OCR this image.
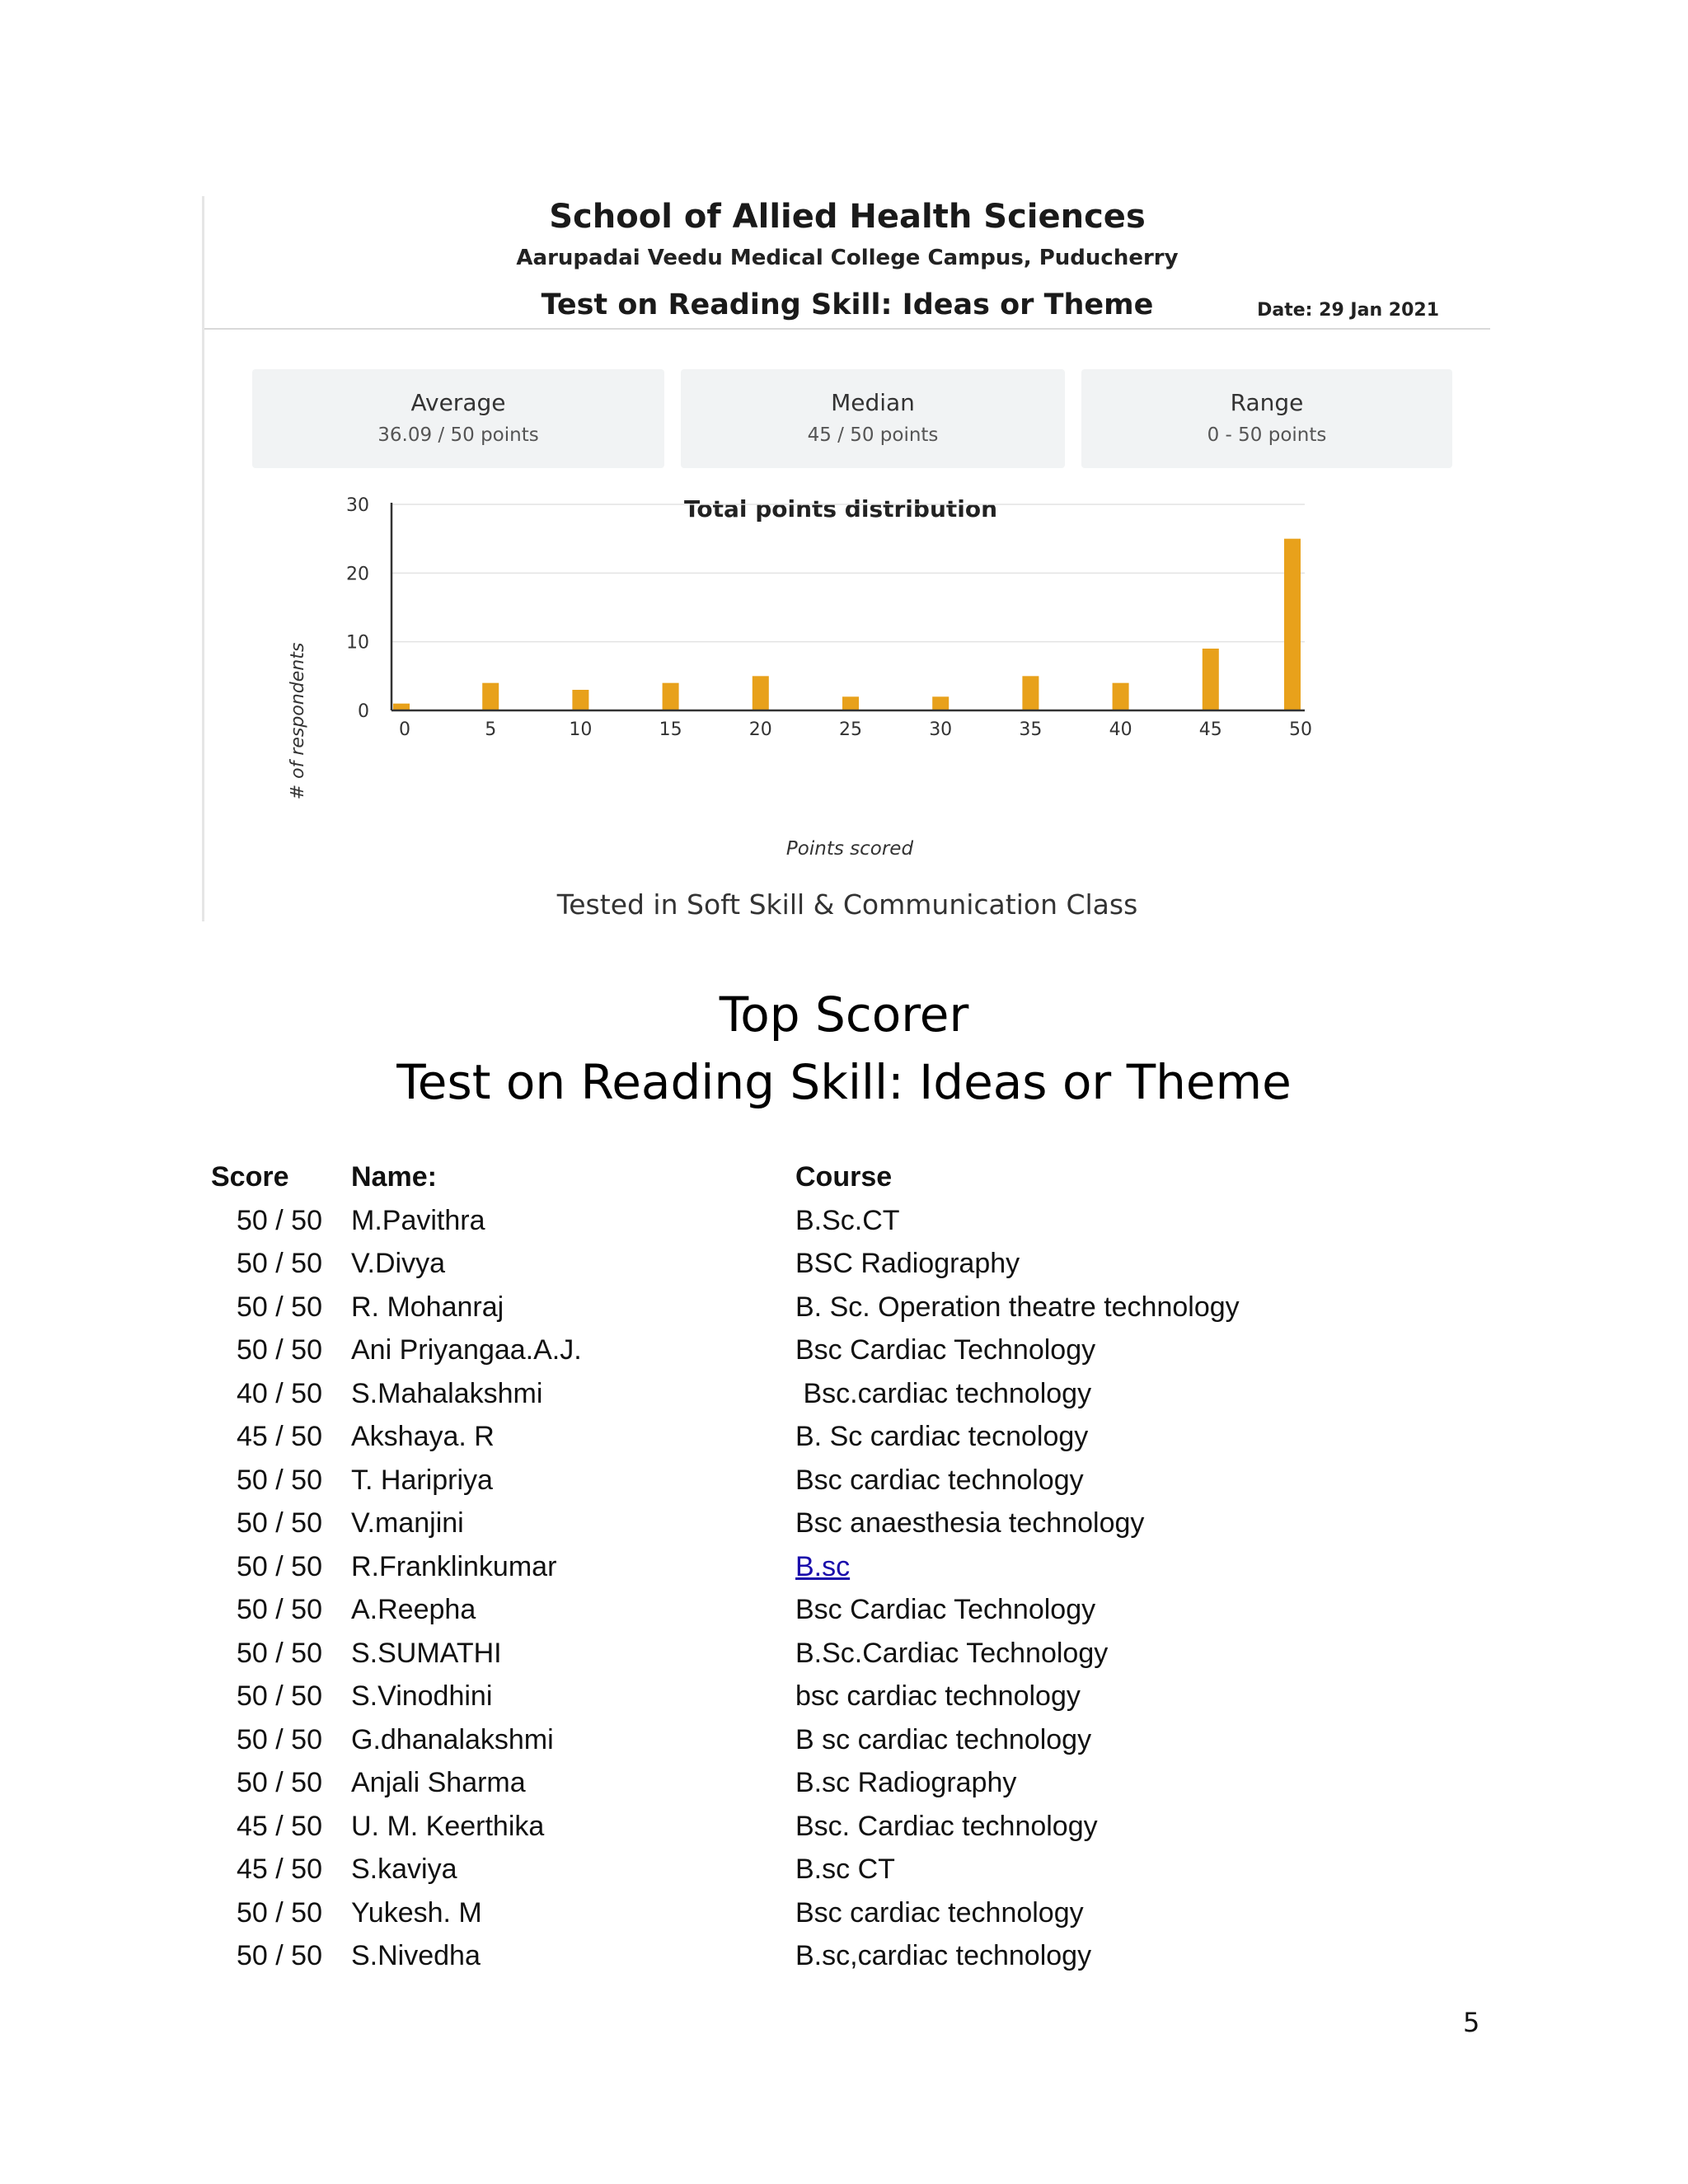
School of Allied Health Sciences
Aarupadai Veedu Medical College Campus, Puducherry
Test on Reading Skill: Ideas or Theme	Date: 29 Jan 2021
Average
36.09 / 50 points
Median
45 / 50 points
Range
0 - 50 points
Total points distribution
0
10
20
30
0	5	10	15	20	25	30	35	40	45	50
Points scored
# of respondents
Tested in Soft Skill & Communication Class
Top Scorer
Test on Reading Skill: Ideas or Theme
Score	Name:	Course
50 / 50 M.Pavithra	B.Sc.CT
50 / 50 V.Divya	BSC Radiography
50 / 50 R. Mohanraj	B. Sc. Operation theatre technology
50 / 50 Ani Priyangaa.A.J.	Bsc Cardiac Technology
40 / 50 S.Mahalakshmi	Bsc.cardiac technology
45 / 50 Akshaya. R	B. Sc cardiac tecnology
50 / 50 T. Haripriya	Bsc cardiac technology
50 / 50 V.manjini	Bsc anaesthesia technology
50 / 50 R.Franklinkumar	B.sc
50 / 50 A.Reepha	Bsc Cardiac Technology
50 / 50 S.SUMATHI	B.Sc.Cardiac Technology
50 / 50 S.Vinodhini	bsc cardiac technology
50 / 50 G.dhanalakshmi	B sc cardiac technology
50 / 50 Anjali Sharma	B.sc Radiography
45 / 50 U. M. Keerthika	Bsc. Cardiac technology
45 / 50 S.kaviya	B.sc CT
50 / 50 Yukesh. M	Bsc cardiac technology
50 / 50 S.Nivedha	B.sc,cardiac technology
5
